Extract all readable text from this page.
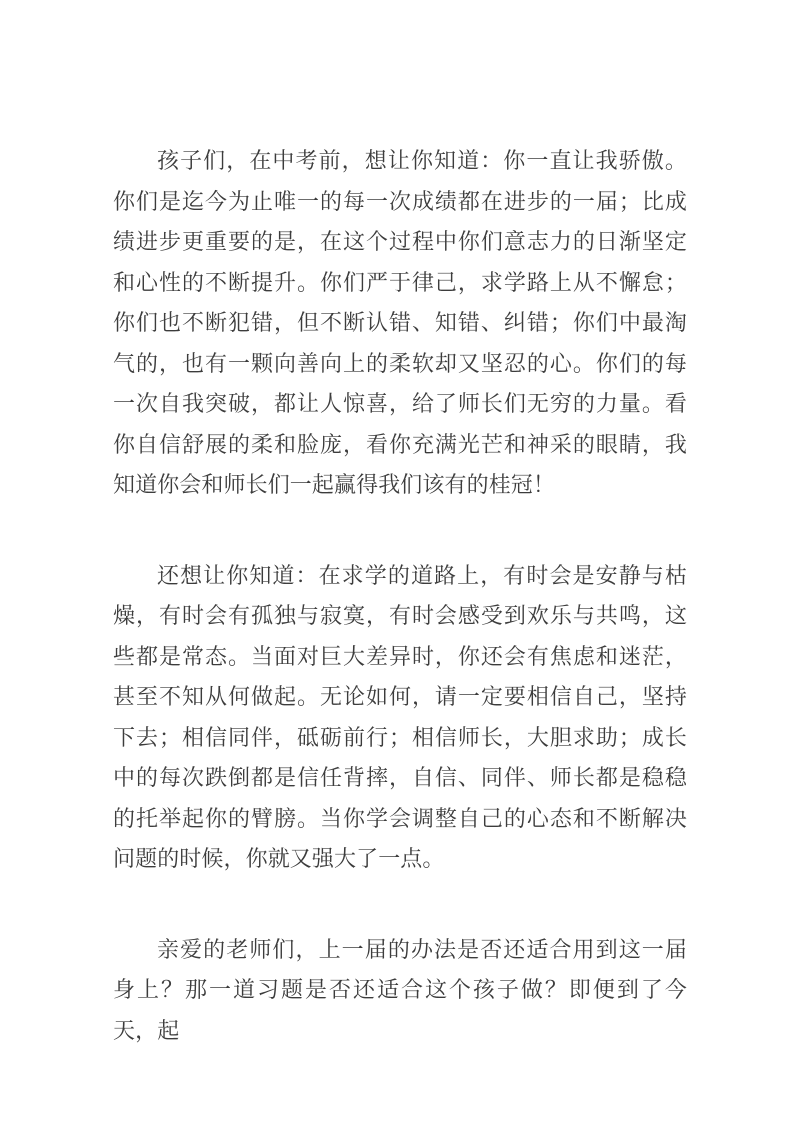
孩子们，在中考前，想让你知道：你一直让我骄傲。你们是迄今为止唯一的每一次成绩都在进步的一届；比成绩进步更重要的是，在这个过程中你们意志力的日渐坚定和心性的不断提升。你们严于律己，求学路上从不懈怠；你们也不断犯错，但不断认错、知错、纠错；你们中最淘气的，也有一颗向善向上的柔软却又坚忍的心。你们的每一次自我突破，都让人惊喜，给了师长们无穷的力量。看你自信舒展的柔和脸庞，看你充满光芒和神采的眼睛，我知道你会和师长们一起赢得我们该有的桂冠！

还想让你知道：在求学的道路上，有时会是安静与枯燥，有时会有孤独与寂寞，有时会感受到欢乐与共鸣，这些都是常态。当面对巨大差异时，你还会有焦虑和迷茫，甚至不知从何做起。无论如何，请一定要相信自己，坚持下去；相信同伴，砥砺前行；相信师长，大胆求助；成长中的每次跌倒都是信任背摔，自信、同伴、师长都是稳稳的托举起你的臂膀。当你学会调整自己的心态和不断解决问题的时候，你就又强大了一点。

亲爱的老师们，上一届的办法是否还适合用到这一届身上？那一道习题是否还适合这个孩子做？即便到了今天，起
